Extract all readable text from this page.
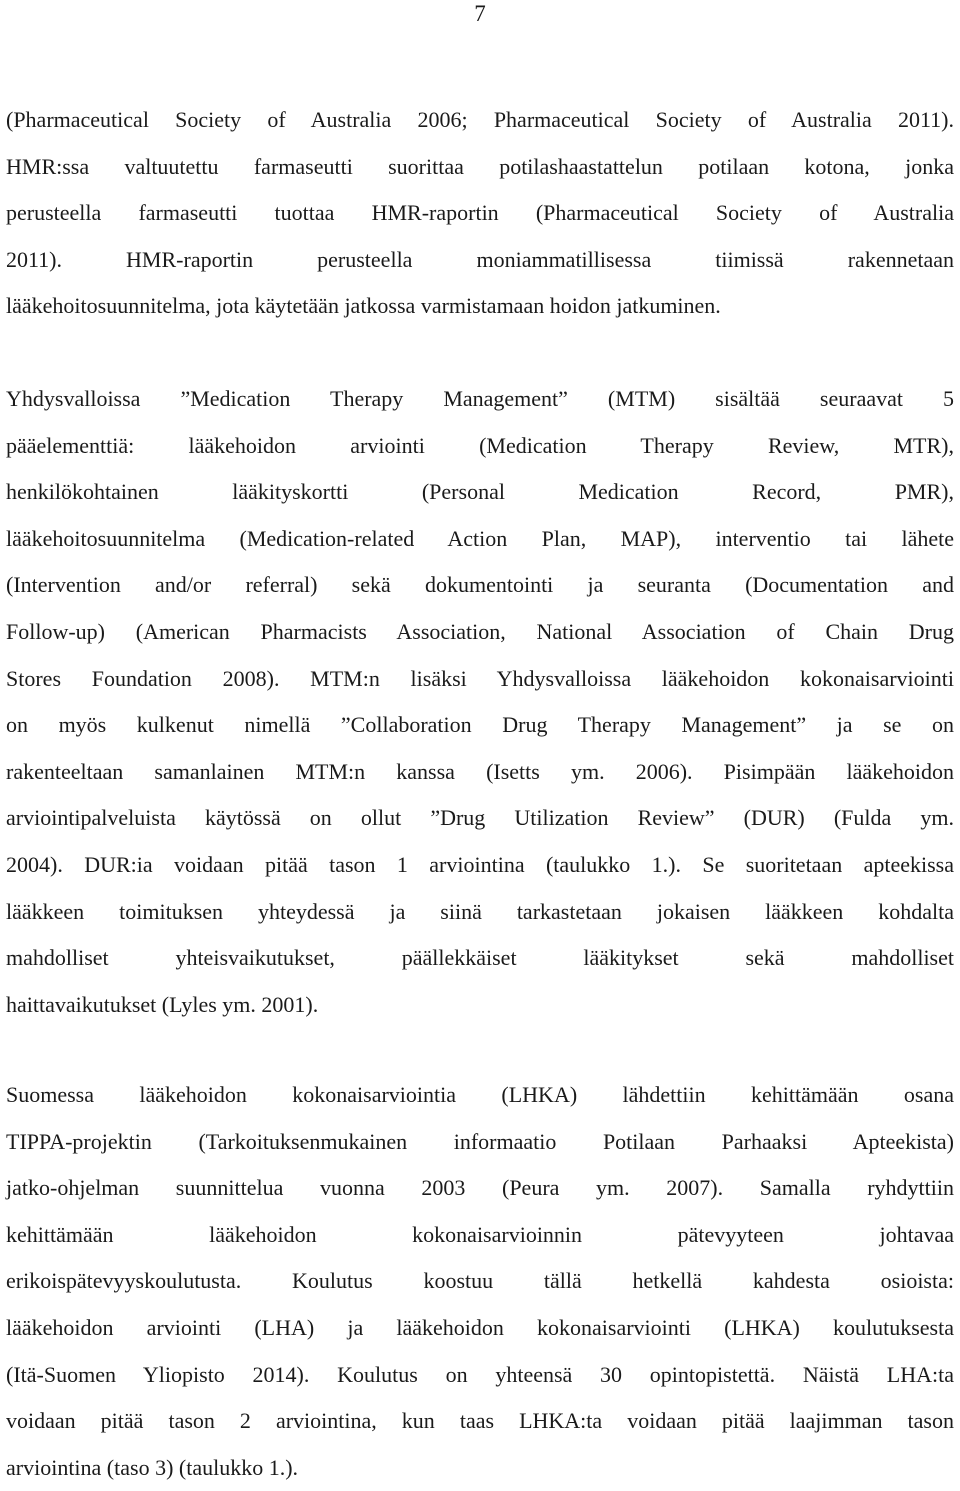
7
(Pharmaceutical Society of Australia 2006; Pharmaceutical Society of Australia 2011).
HMR:ssa valtuutettu farmaseutti suorittaa potilashaastattelun potilaan kotona, jonka
perusteella farmaseutti tuottaa HMR-raportin (Pharmaceutical Society of Australia
2011). HMR-raportin perusteella moniammatillisessa tiimissä rakennetaan
lääkehoitosuunnitelma, jota käytetään jatkossa varmistamaan hoidon jatkuminen.
Yhdysvalloissa ”Medication Therapy Management” (MTM) sisältää seuraavat 5
pääelementtiä: lääkehoidon arviointi (Medication Therapy Review, MTR),
henkilökohtainen lääkityskortti (Personal Medication Record, PMR),
lääkehoitosuunnitelma (Medication-related Action Plan, MAP), interventio tai lähete
(Intervention and/or referral) sekä dokumentointi ja seuranta (Documentation and
Follow-up) (American Pharmacists Association, National Association of Chain Drug
Stores Foundation 2008). MTM:n lisäksi Yhdysvalloissa lääkehoidon kokonaisarviointi
on myös kulkenut nimellä ”Collaboration Drug Therapy Management” ja se on
rakenteeltaan samanlainen MTM:n kanssa (Isetts ym. 2006). Pisimpään lääkehoidon
arviointipalveluista käytössä on ollut ”Drug Utilization Review” (DUR) (Fulda ym.
2004). DUR:ia voidaan pitää tason 1 arviointina (taulukko 1.). Se suoritetaan apteekissa
lääkkeen toimituksen yhteydessä ja siinä tarkastetaan jokaisen lääkkeen kohdalta
mahdolliset yhteisvaikutukset, päällekkäiset lääkitykset sekä mahdolliset
haittavaikutukset (Lyles ym. 2001).
Suomessa lääkehoidon kokonaisarviointia (LHKA) lähdettiin kehittämään osana
TIPPA-projektin (Tarkoituksenmukainen informaatio Potilaan Parhaaksi Apteekista)
jatko-ohjelman suunnittelua vuonna 2003 (Peura ym. 2007). Samalla ryhdyttiin
kehittämään lääkehoidon kokonaisarvioinnin pätevyyteen johtavaa
erikoispätevyyskoulutusta. Koulutus koostuu tällä hetkellä kahdesta osioista:
lääkehoidon arviointi (LHA) ja lääkehoidon kokonaisarviointi (LHKA) koulutuksesta
(Itä-Suomen Yliopisto 2014). Koulutus on yhteensä 30 opintopistettä. Näistä LHA:ta
voidaan pitää tason 2 arviointina, kun taas LHKA:ta voidaan pitää laajimman tason
arviointina (taso 3) (taulukko 1.).
